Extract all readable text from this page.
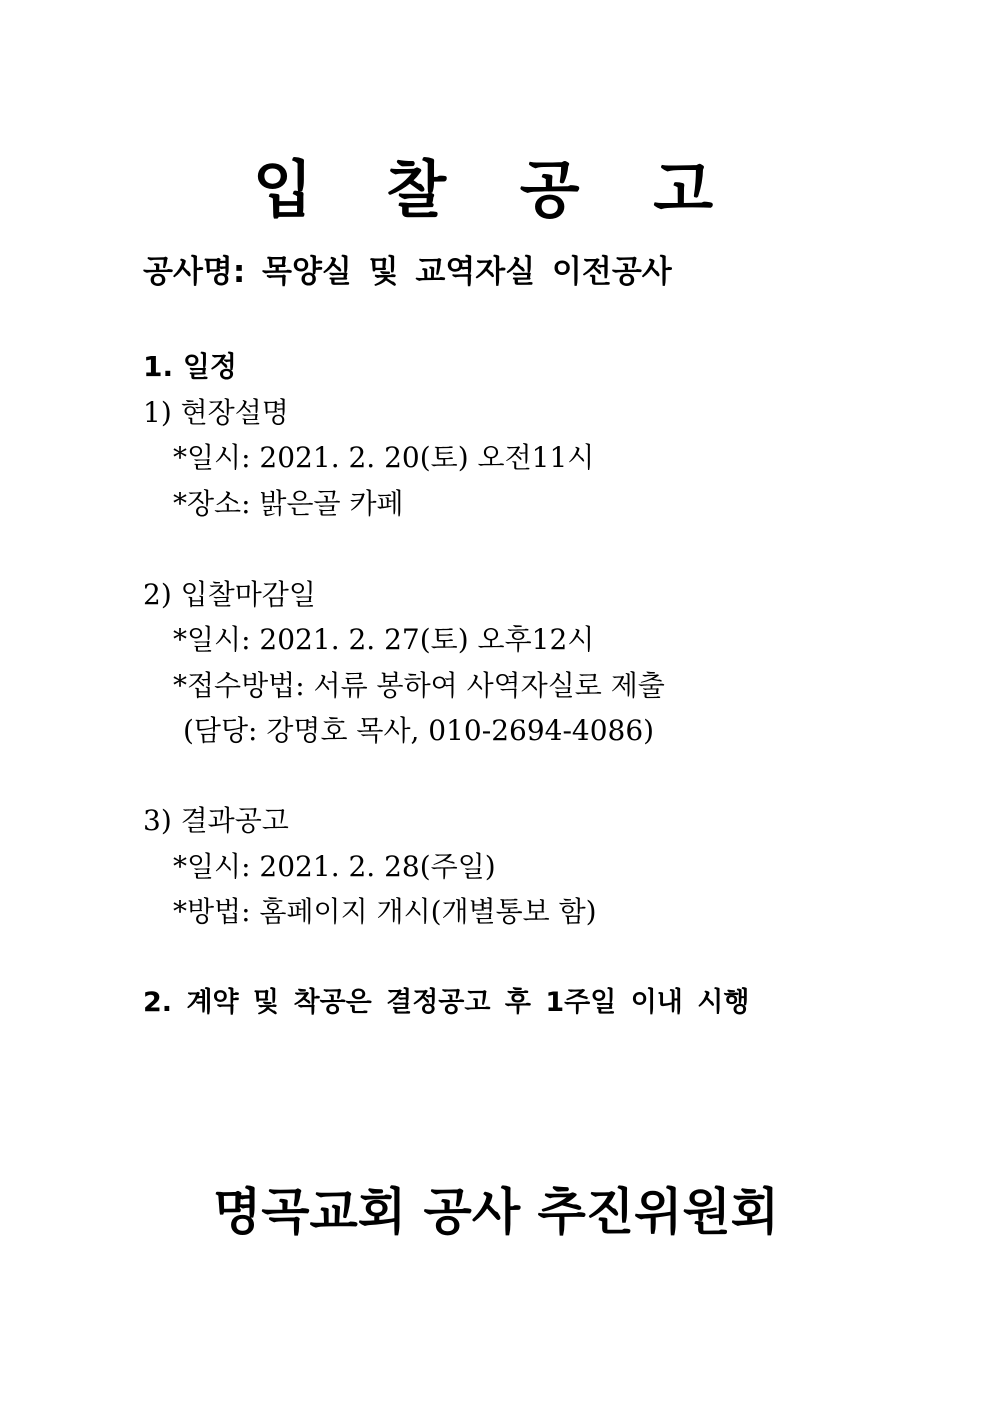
입 찰 공 고
공사명: 목양실 및 교역자실 이전공사
1. 일정
1) 현장설명
*일시: 2021. 2. 20(토) 오전11시
*장소: 밝은골 카페
2) 입찰마감일
*일시: 2021. 2. 27(토) 오후12시
*접수방법: 서류 봉하여 사역자실로 제출
(담당: 강명호 목사, 010-2694-4086)
3) 결과공고
*일시: 2021. 2. 28(주일)
*방법: 홈페이지 개시(개별통보 함)
2. 계약 및 착공은 결정공고 후 1주일 이내 시행
명곡교회 공사 추진위원회
